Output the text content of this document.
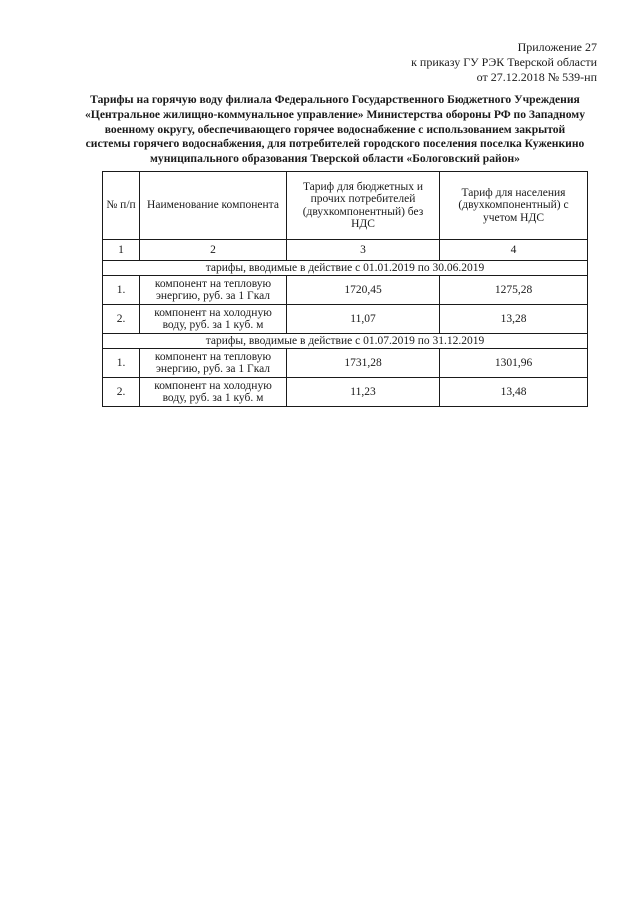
Приложение 27
к приказу ГУ РЭК Тверской области
от 27.12.2018 № 539-нп
Тарифы на горячую воду филиала Федерального Государственного Бюджетного Учреждения
«Центральное жилищно-коммунальное управление» Министерства обороны РФ по Западному
военному округу, обеспечивающего горячее водоснабжение с использованием закрытой
системы горячего водоснабжения, для потребителей городского поселения поселка Куженкино
муниципального образования Тверской области «Бологовский район»
№ п/п	Наименование компонента	Тариф для бюджетных и прочих потребителей (двухкомпонентный) без НДС	Тариф для населения (двухкомпонентный) с учетом НДС
1	2	3	4
тарифы, вводимые в действие с 01.01.2019 по 30.06.2019			
1.	компонент на тепловую энергию, руб. за 1 Гкал	1720,45	1275,28
2.	компонент на холодную воду, руб. за 1 куб. м	11,07	13,28
тарифы, вводимые в действие с 01.07.2019 по 31.12.2019			
1.	компонент на тепловую энергию, руб. за 1 Гкал	1731,28	1301,96
2.	компонент на холодную воду, руб. за 1 куб. м	11,23	13,48
